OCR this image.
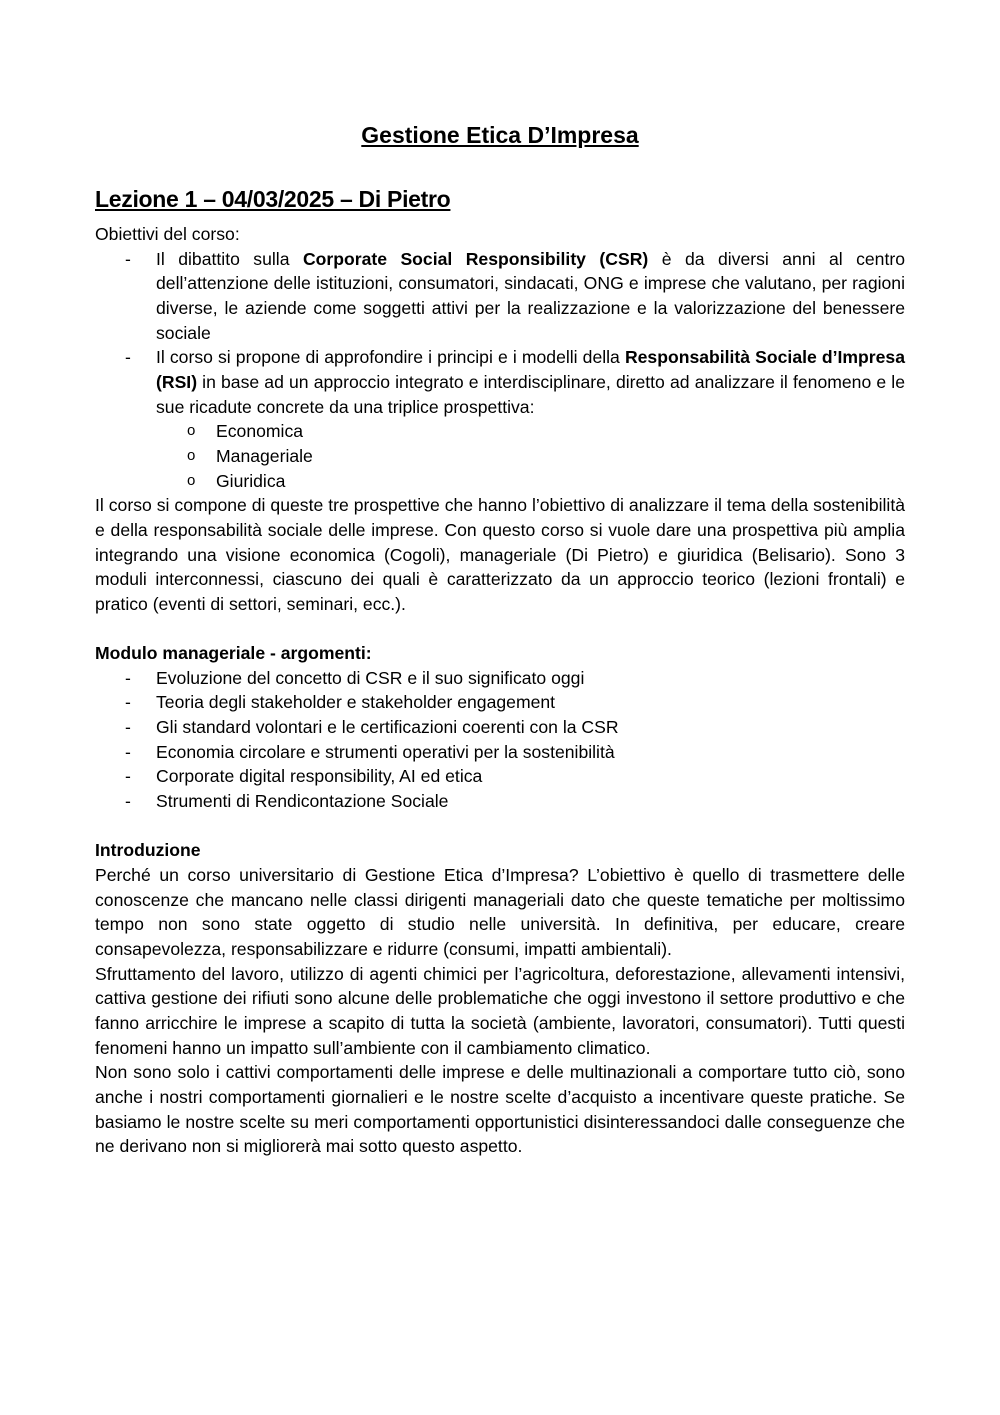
Gestione Etica D’Impresa
Lezione 1 – 04/03/2025 – Di Pietro

Obiettivi del corso:

- Il dibattito sulla Corporate Social Responsibility (CSR) è da diversi anni al centro dell’attenzione delle istituzioni, consumatori, sindacati, ONG e imprese che valutano, per ragioni diverse, le aziende come soggetti attivi per la realizzazione e la valorizzazione del benessere sociale
- Il corso si propone di approfondire i principi e i modelli della Responsabilità Sociale d’Impresa (RSI) in base ad un approccio integrato e interdisciplinare, diretto ad analizzare il fenomeno e le sue ricadute concrete da una triplice prospettiva:
o Economica
o Manageriale
o Giuridica

Il corso si compone di queste tre prospettive che hanno l’obiettivo di analizzare il tema della sostenibilità e della responsabilità sociale delle imprese. Con questo corso si vuole dare una prospettiva più amplia integrando una visione economica (Cogoli), manageriale (Di Pietro) e giuridica (Belisario). Sono 3 moduli interconnessi, ciascuno dei quali è caratterizzato da un approccio teorico (lezioni frontali) e pratico (eventi di settori, seminari, ecc.).

Modulo manageriale - argomenti:

- Evoluzione del concetto di CSR e il suo significato oggi
- Teoria degli stakeholder e stakeholder engagement
- Gli standard volontari e le certificazioni coerenti con la CSR
- Economia circolare e strumenti operativi per la sostenibilità
- Corporate digital responsibility, AI ed etica
- Strumenti di Rendicontazione Sociale

Introduzione

Perché un corso universitario di Gestione Etica d’Impresa? L’obiettivo è quello di trasmettere delle conoscenze che mancano nelle classi dirigenti manageriali dato che queste tematiche per moltissimo tempo non sono state oggetto di studio nelle università. In definitiva, per educare, creare consapevolezza, responsabilizzare e ridurre (consumi, impatti ambientali).

Sfruttamento del lavoro, utilizzo di agenti chimici per l’agricoltura, deforestazione, allevamenti intensivi, cattiva gestione dei rifiuti sono alcune delle problematiche che oggi investono il settore produttivo e che fanno arricchire le imprese a scapito di tutta la società (ambiente, lavoratori, consumatori). Tutti questi fenomeni hanno un impatto sull’ambiente con il cambiamento climatico.

Non sono solo i cattivi comportamenti delle imprese e delle multinazionali a comportare tutto ciò, sono anche i nostri comportamenti giornalieri e le nostre scelte d’acquisto a incentivare queste pratiche. Se basiamo le nostre scelte su meri comportamenti opportunistici disinteressandoci dalle conseguenze che ne derivano non si migliorerà mai sotto questo aspetto.
